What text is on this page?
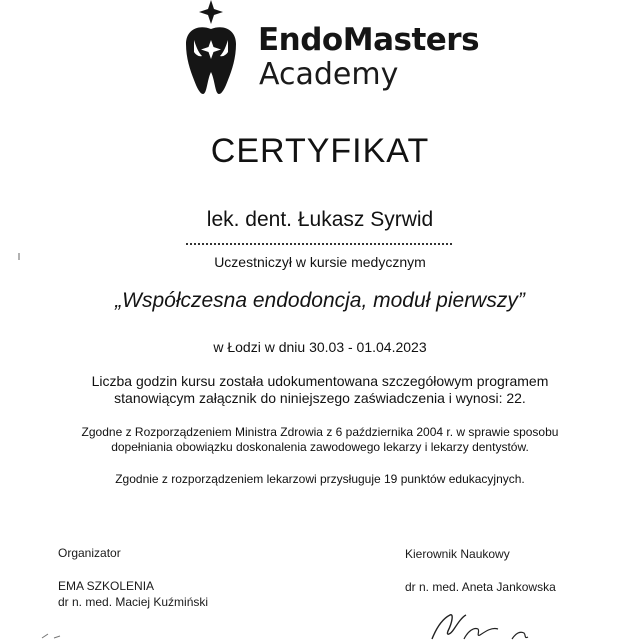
EndoMasters
Academy
CERTYFIKAT
lek. dent. Łukasz Syrwid
Uczestniczył w kursie medycznym
„Współczesna endodoncja, moduł pierwszy”
w Łodzi w dniu 30.03 - 01.04.2023
Liczba godzin kursu została udokumentowana szczegółowym programem
stanowiącym załącznik do niniejszego zaświadczenia i wynosi: 22.
Zgodne z Rozporządzeniem Ministra Zdrowia z 6 października 2004 r. w sprawie sposobu
dopełniania obowiązku doskonalenia zawodowego lekarzy i lekarzy dentystów.
Zgodnie z rozporządzeniem lekarzowi przysługuje 19 punktów edukacyjnych.
Organizator
EMA SZKOLENIA
dr n. med. Maciej Kuźmiński
Kierownik Naukowy
dr n. med. Aneta Jankowska
